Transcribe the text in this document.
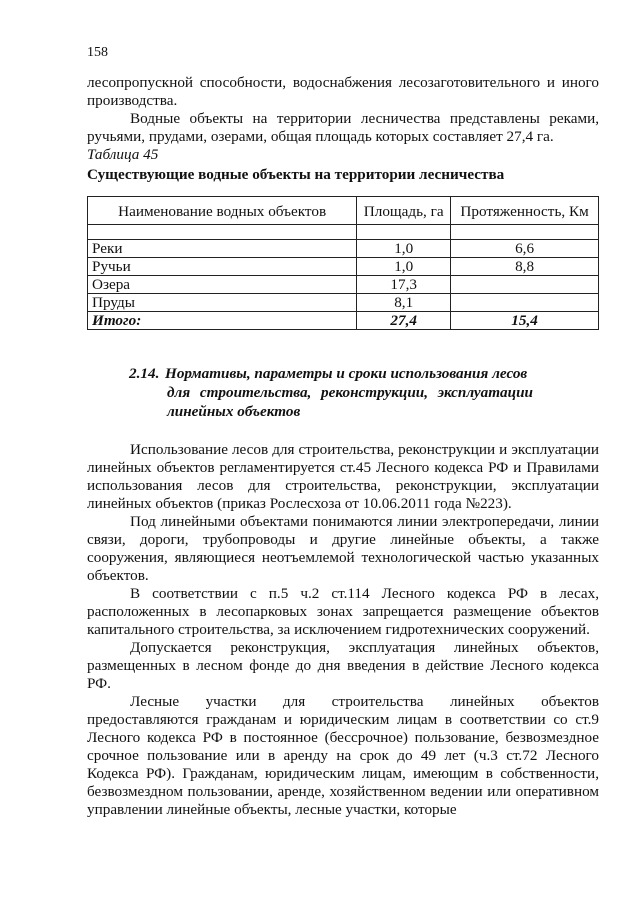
158

лесопропускной способности, водоснабжения лесозаготовительного и иного производства.

Водные объекты на территории лесничества представлены реками, ручьями, прудами, озерами, общая площадь которых составляет 27,4 га.

Таблица 45

Существующие водные объекты на территории лесничества

Наименование водных объектов	Площадь, га	Протяженность, Км

Реки	1,0	6,6
Ручьи	1,0	8,8
Озера	17,3	
Пруды	8,1	
Итого:	27,4	15,4
2.14. Нормативы, параметры и сроки использования лесов
для строительства, реконструкции, эксплуатации
линейных объектов

Использование лесов для строительства, реконструкции и эксплуатации линейных объектов регламентируется ст.45 Лесного кодекса РФ и Правилами использования лесов для строительства, реконструкции, эксплуатации линейных объектов (приказ Рослесхоза от 10.06.2011 года №223).

Под линейными объектами понимаются линии электропередачи, линии связи, дороги, трубопроводы и другие линейные объекты, а также сооружения, являющиеся неотъемлемой технологической частью указанных объектов.

В соответствии с п.5 ч.2 ст.114 Лесного кодекса РФ в лесах, расположенных в лесопарковых зонах запрещается размещение объектов капитального строительства, за исключением гидротехнических сооружений.

Допускается реконструкция, эксплуатация линейных объектов, размещенных в лесном фонде до дня введения в действие Лесного кодекса РФ.

Лесные участки для строительства линейных объектов предоставляются гражданам и юридическим лицам в соответствии со ст.9 Лесного кодекса РФ в постоянное (бессрочное) пользование, безвозмездное срочное пользование или в аренду на срок до 49 лет (ч.3 ст.72 Лесного Кодекса РФ). Гражданам, юридическим лицам, имеющим в собственности, безвозмездном пользовании, аренде, хозяйственном ведении или оперативном управлении линейные объекты, лесные участки, которые
